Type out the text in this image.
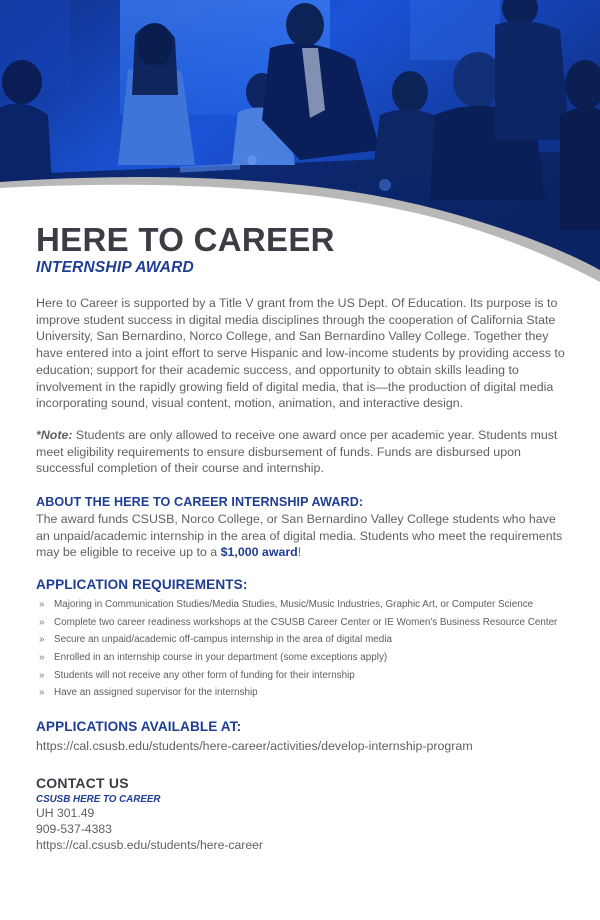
HERE TO CAREER
INTERNSHIP AWARD

Here to Career is supported by a Title V grant from the US Dept. Of Education. Its purpose is to improve student success in digital media disciplines through the cooperation of California State University, San Bernardino, Norco College, and San Bernardino Valley College. Together they have entered into a joint effort to serve Hispanic and low-income students by providing access to education; support for their academic success, and opportunity to obtain skills leading to involvement in the rapidly growing field of digital media, that is—the production of digital media incorporating sound, visual content, motion, animation, and interactive design.

*Note: Students are only allowed to receive one award once per academic year. Students must meet eligibility requirements to ensure disbursement of funds. Funds are disbursed upon successful completion of their course and internship.

ABOUT THE HERE TO CAREER INTERNSHIP AWARD:

The award funds CSUSB, Norco College, or San Bernardino Valley College students who have an unpaid/academic internship in the area of digital media. Students who meet the requirements may be eligible to receive up to a $1,000 award!

APPLICATION REQUIREMENTS:
» Majoring in Communication Studies/Media Studies, Music/Music Industries, Graphic Art, or Computer Science
» Complete two career readiness workshops at the CSUSB Career Center or IE Women's Business Resource Center
» Secure an unpaid/academic off-campus internship in the area of digital media
» Enrolled in an internship course in your department (some exceptions apply)
» Students will not receive any other form of funding for their internship
» Have an assigned supervisor for the internship
APPLICATIONS AVAILABLE AT:
https://cal.csusb.edu/students/here-career/activities/develop-internship-program
CONTACT US
CSUSB HERE TO CAREER
UH 301.49
909-537-4383
https://cal.csusb.edu/students/here-career
